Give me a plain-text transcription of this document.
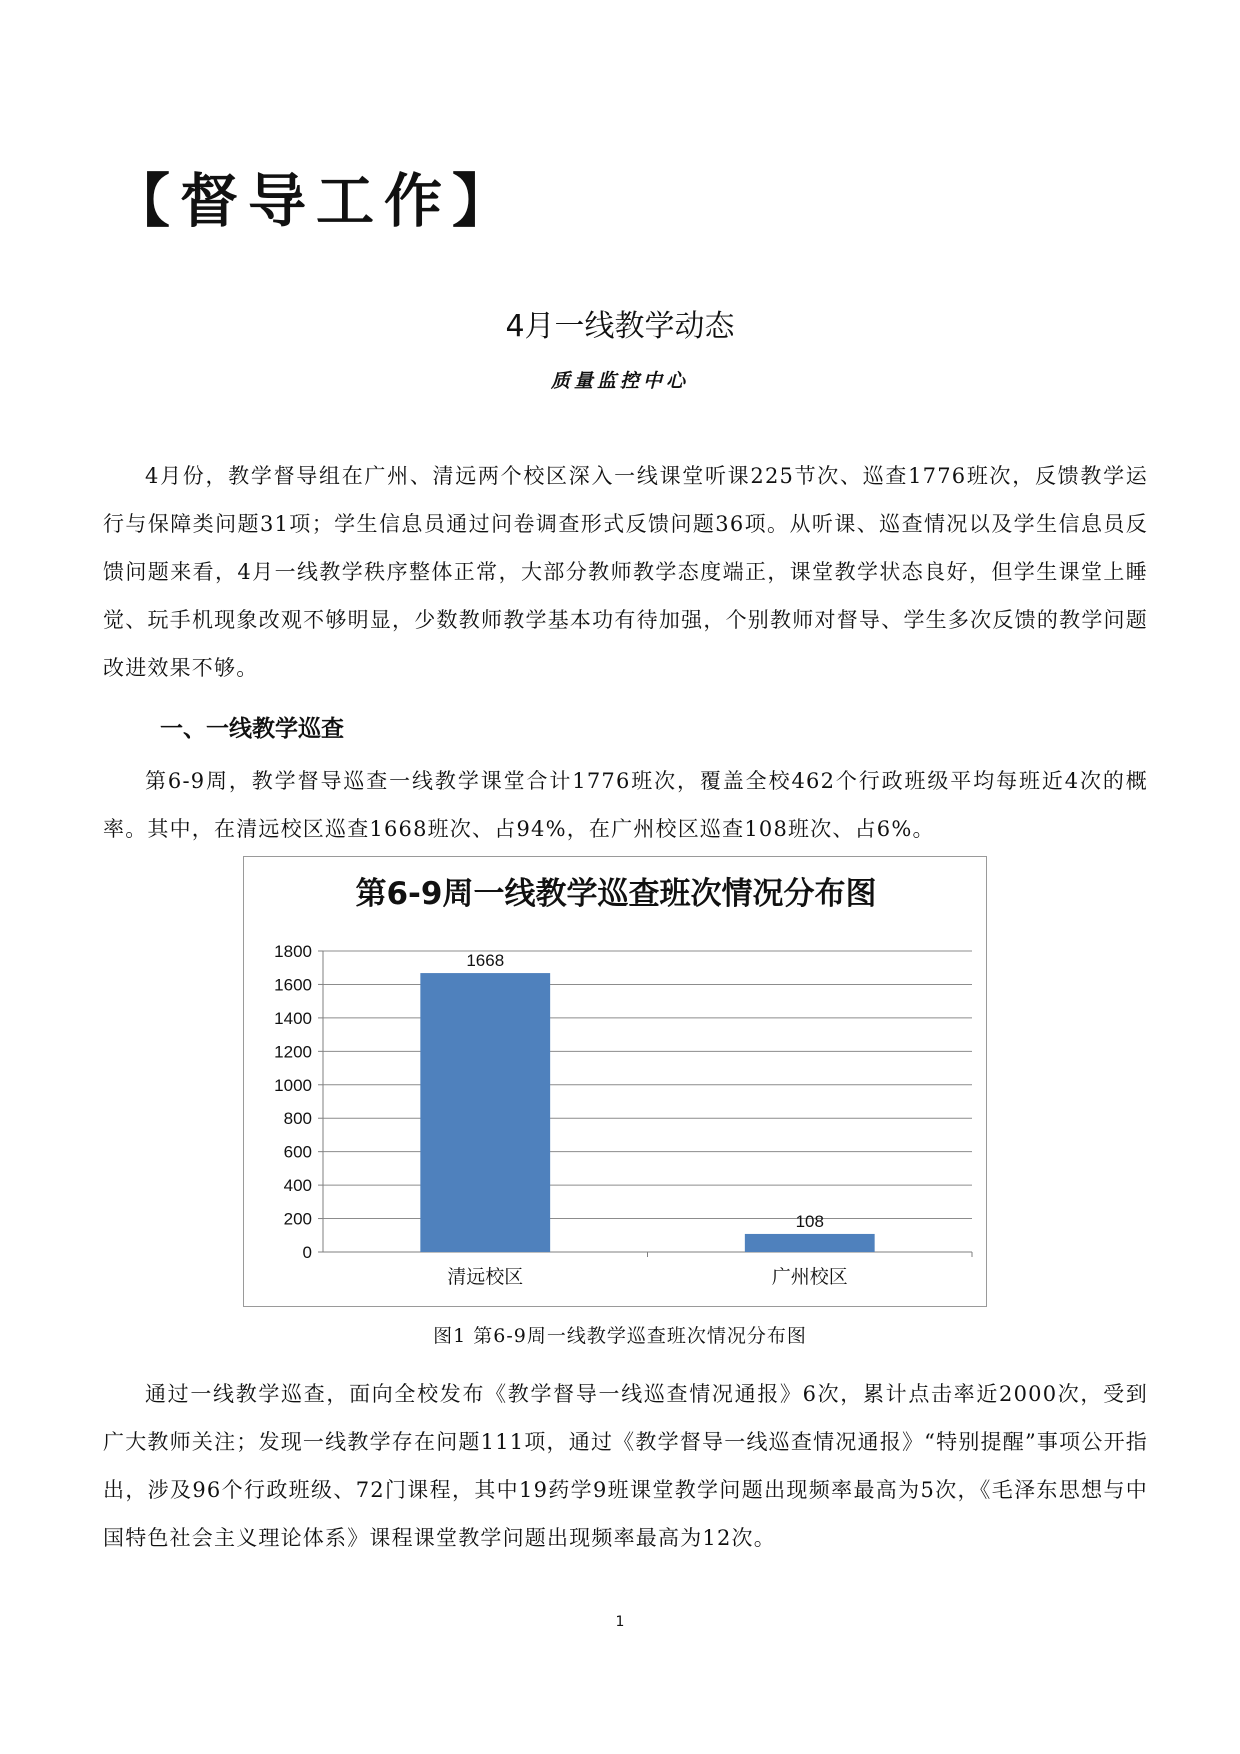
【督导工作】
4月一线教学动态
质量监控中心

4月份，教学督导组在广州、清远两个校区深入一线课堂听课225节次、巡查1776班次，反馈教学运行与保障类问题31项；学生信息员通过问卷调查形式反馈问题36项。从听课、巡查情况以及学生信息员反馈问题来看，4月一线教学秩序整体正常，大部分教师教学态度端正，课堂教学状态良好，但学生课堂上睡觉、玩手机现象改观不够明显，少数教师教学基本功有待加强，个别教师对督导、学生多次反馈的教学问题改进效果不够。

一、一线教学巡查

第6-9周，教学督导巡查一线教学课堂合计1776班次，覆盖全校462个行政班级平均每班近4次的概率。其中，在清远校区巡查1668班次、占94%，在广州校区巡查108班次、占6%。

第6-9周一线教学巡查班次情况分布图
0
200
400
600
800
1000
1200
1400
1600
1800
清远校区
1668
广州校区
108
图1 第6-9周一线教学巡查班次情况分布图

通过一线教学巡查，面向全校发布《教学督导一线巡查情况通报》6次，累计点击率近2000次，受到广大教师关注；发现一线教学存在问题111项，通过《教学督导一线巡查情况通报》“特别提醒”事项公开指出，涉及96个行政班级、72门课程，其中19药学9班课堂教学问题出现频率最高为5次，《毛泽东思想与中国特色社会主义理论体系》课程课堂教学问题出现频率最高为12次。

1
